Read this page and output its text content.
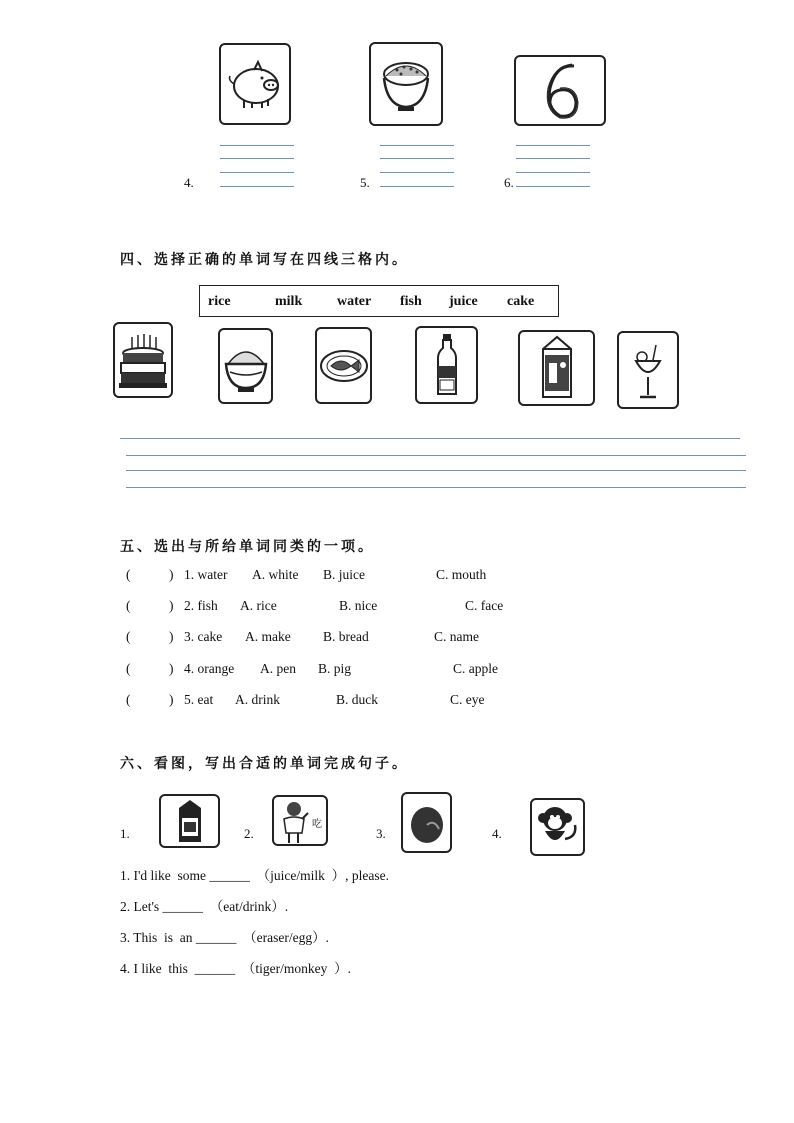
4.	5.	6.
四、选择正确的单词写在四线三格内。
rice	milk water fish juice cake
五、选出与所给单词同类的一项。
(	) 1. water A. white B. juice	C. mouth
(	) 2. fish A. rice	B. nice	C. face
(	) 3. cake A. make B. bread	C. name
(	) 4. orange A. pen B. pig	C. apple
(	) 5. eat A. drink	B. duck	C. eye
六、看图，写出合适的单词完成句子。
1.	2.
吃
3.	4.
1. I'd like  some ______  （juice/milk  ）, please.
2. Let's ______  （eat/drink）.
3. This  is  an ______  （eraser/egg）.
4. I like  this  ______  （tiger/monkey  ）.
